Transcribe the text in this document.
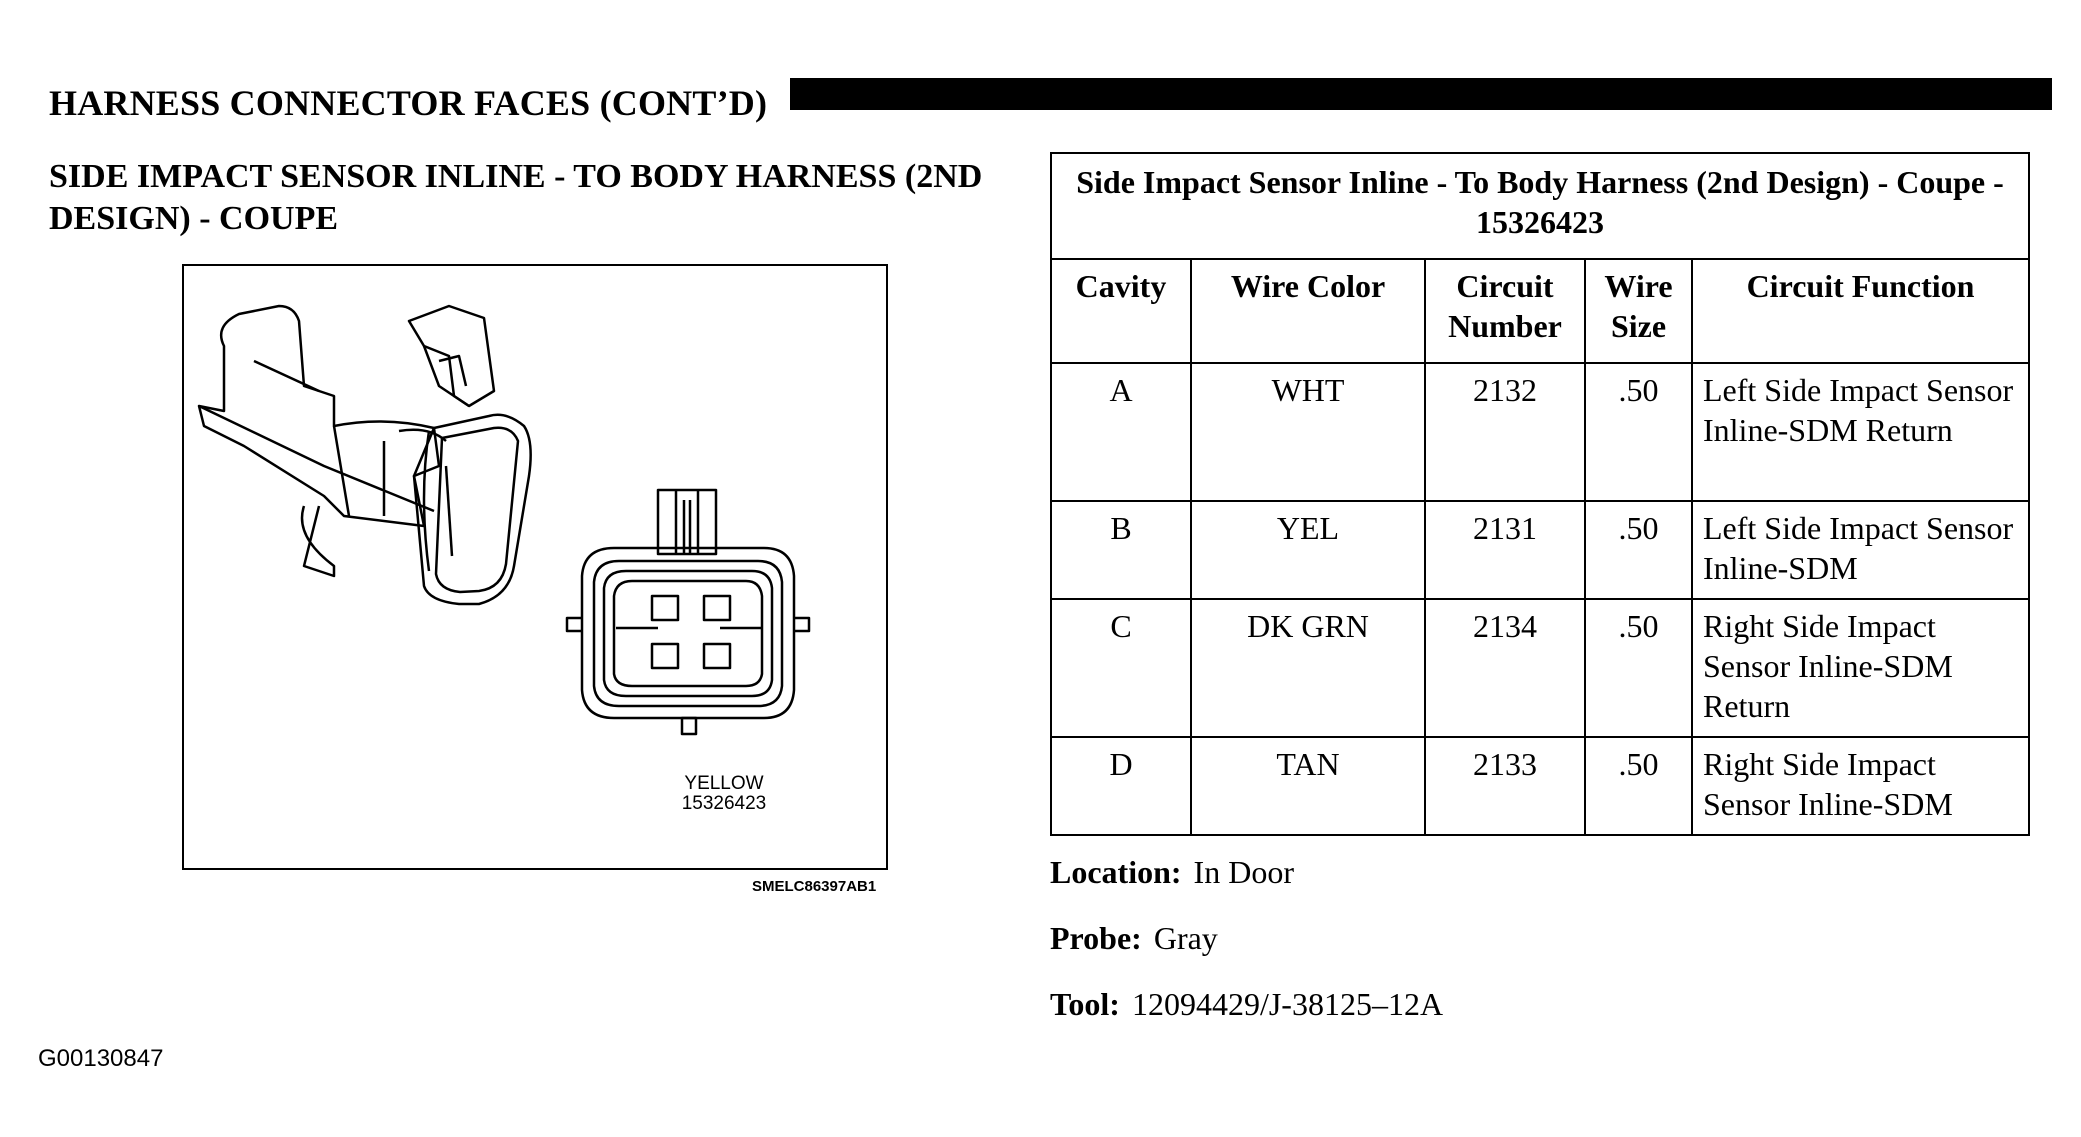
HARNESS CONNECTOR FACES (CONT’D)
SIDE IMPACT SENSOR INLINE - TO BODY HARNESS (2ND DESIGN) - COUPE
YELLOW
15326423
SMELC86397AB1
Side Impact Sensor Inline - To Body Harness (2nd Design) - Coupe - 15326423				
Cavity	Wire Color	Circuit Number	Wire Size	Circuit Function
A	WHT	2132	.50	Left Side Impact Sensor Inline-SDM Return
B	YEL	2131	.50	Left Side Impact Sensor Inline-SDM
C	DK GRN	2134	.50	Right Side Impact Sensor Inline-SDM Return
D	TAN	2133	.50	Right Side Impact Sensor Inline-SDM
Location: In Door
Probe: Gray
Tool: 12094429/J-38125–12A
G00130847
